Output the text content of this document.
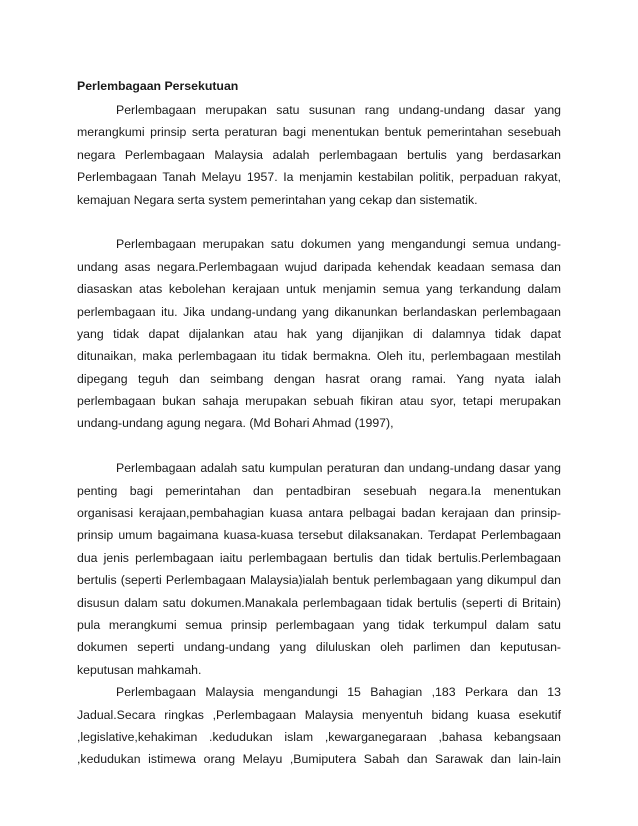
Perlembagaan Persekutuan
Perlembagaan merupakan satu susunan rang undang-undang dasar yang
merangkumi prinsip serta peraturan bagi menentukan bentuk pemerintahan sesebuah
negara Perlembagaan Malaysia adalah perlembagaan bertulis yang berdasarkan
Perlembagaan Tanah Melayu 1957. Ia menjamin kestabilan politik, perpaduan rakyat,
kemajuan Negara serta system pemerintahan yang cekap dan sistematik.
Perlembagaan merupakan satu dokumen yang mengandungi semua undang-
undang asas negara.Perlembagaan wujud daripada kehendak keadaan semasa dan
diasaskan atas kebolehan kerajaan untuk menjamin semua yang terkandung dalam
perlembagaan itu. Jika undang-undang yang dikanunkan berlandaskan perlembagaan
yang tidak dapat dijalankan atau hak yang dijanjikan di dalamnya tidak dapat
ditunaikan, maka perlembagaan itu tidak bermakna. Oleh itu, perlembagaan mestilah
dipegang teguh dan seimbang dengan hasrat orang ramai. Yang nyata ialah
perlembagaan bukan sahaja merupakan sebuah fikiran atau syor, tetapi merupakan
undang-undang agung negara. (Md Bohari Ahmad (1997),
Perlembagaan adalah satu kumpulan peraturan dan undang-undang dasar yang
penting bagi pemerintahan dan pentadbiran sesebuah negara.Ia menentukan
organisasi kerajaan,pembahagian kuasa antara pelbagai badan kerajaan dan prinsip-
prinsip umum bagaimana kuasa-kuasa tersebut dilaksanakan. Terdapat Perlembagaan
dua jenis perlembagaan iaitu perlembagaan bertulis dan tidak bertulis.Perlembagaan
bertulis (seperti Perlembagaan Malaysia)ialah bentuk perlembagaan yang dikumpul dan
disusun dalam satu dokumen.Manakala perlembagaan tidak bertulis (seperti di Britain)
pula merangkumi semua prinsip perlembagaan yang tidak terkumpul dalam satu
dokumen seperti undang-undang yang diluluskan oleh parlimen dan keputusan-
keputusan mahkamah.
Perlembagaan Malaysia mengandungi 15 Bahagian ,183 Perkara dan 13
Jadual.Secara ringkas ,Perlembagaan Malaysia menyentuh bidang kuasa esekutif
,legislative,kehakiman .kedudukan islam ,kewarganegaraan ,bahasa kebangsaan
,kedudukan istimewa orang Melayu ,Bumiputera Sabah dan Sarawak dan lain-lain
